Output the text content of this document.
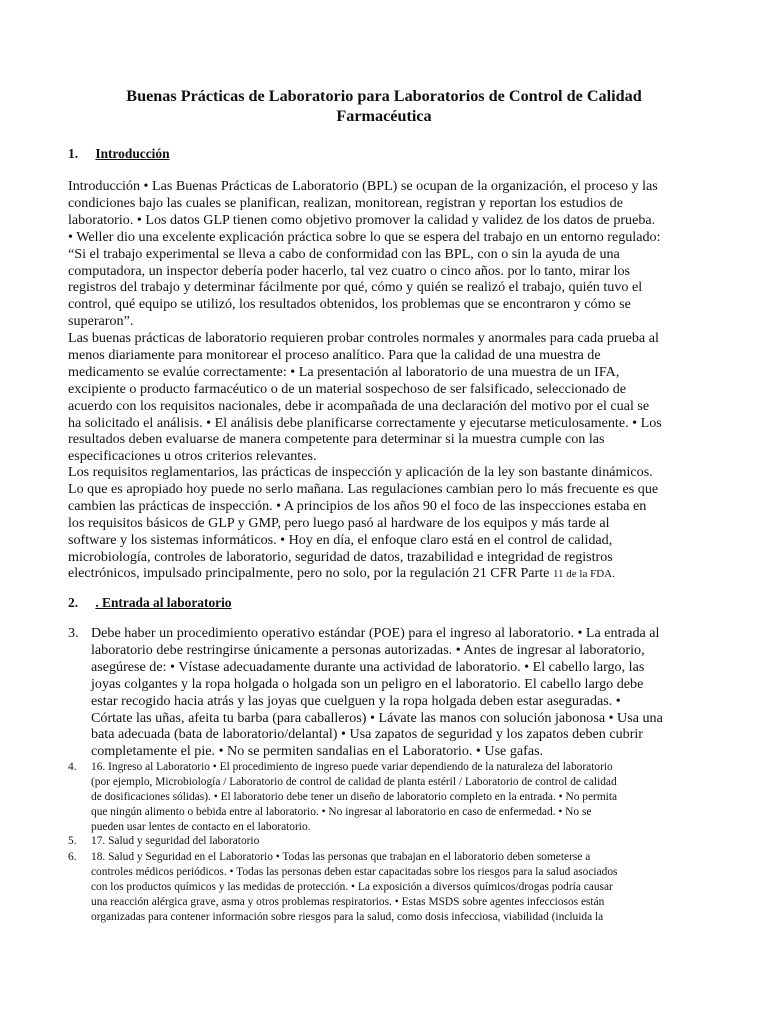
Buenas Prácticas de Laboratorio para Laboratorios de Control de Calidad
Farmacéutica
1. Introducción
Introducción • Las Buenas Prácticas de Laboratorio (BPL) se ocupan de la organización, el proceso y las
condiciones bajo las cuales se planifican, realizan, monitorean, registran y reportan los estudios de
laboratorio. • Los datos GLP tienen como objetivo promover la calidad y validez de los datos de prueba.
• Weller dio una excelente explicación práctica sobre lo que se espera del trabajo en un entorno regulado:
“Si el trabajo experimental se lleva a cabo de conformidad con las BPL, con o sin la ayuda de una
computadora, un inspector debería poder hacerlo, tal vez cuatro o cinco años. por lo tanto, mirar los
registros del trabajo y determinar fácilmente por qué, cómo y quién se realizó el trabajo, quién tuvo el
control, qué equipo se utilizó, los resultados obtenidos, los problemas que se encontraron y cómo se
superaron”.
Las buenas prácticas de laboratorio requieren probar controles normales y anormales para cada prueba al
menos diariamente para monitorear el proceso analítico. Para que la calidad de una muestra de
medicamento se evalúe correctamente: • La presentación al laboratorio de una muestra de un IFA,
excipiente o producto farmacéutico o de un material sospechoso de ser falsificado, seleccionado de
acuerdo con los requisitos nacionales, debe ir acompañada de una declaración del motivo por el cual se
ha solicitado el análisis. • El análisis debe planificarse correctamente y ejecutarse meticulosamente. • Los
resultados deben evaluarse de manera competente para determinar si la muestra cumple con las
especificaciones u otros criterios relevantes.
Los requisitos reglamentarios, las prácticas de inspección y aplicación de la ley son bastante dinámicos.
Lo que es apropiado hoy puede no serlo mañana. Las regulaciones cambian pero lo más frecuente es que
cambien las prácticas de inspección. • A principios de los años 90 el foco de las inspecciones estaba en
los requisitos básicos de GLP y GMP, pero luego pasó al hardware de los equipos y más tarde al
software y los sistemas informáticos. • Hoy en día, el enfoque claro está en el control de calidad,
microbiología, controles de laboratorio, seguridad de datos, trazabilidad e integridad de registros
electrónicos, impulsado principalmente, pero no solo, por la regulación 21 CFR Parte 11 de la FDA.
2. . Entrada al laboratorio
3. Debe haber un procedimiento operativo estándar (POE) para el ingreso al laboratorio. • La entrada al
laboratorio debe restringirse únicamente a personas autorizadas. • Antes de ingresar al laboratorio,
asegúrese de: • Vístase adecuadamente durante una actividad de laboratorio. • El cabello largo, las
joyas colgantes y la ropa holgada o holgada son un peligro en el laboratorio. El cabello largo debe
estar recogido hacia atrás y las joyas que cuelguen y la ropa holgada deben estar aseguradas. •
Córtate las uñas, afeita tu barba (para caballeros) • Lávate las manos con solución jabonosa • Usa una
bata adecuada (bata de laboratorio/delantal) • Usa zapatos de seguridad y los zapatos deben cubrir
completamente el pie. • No se permiten sandalias en el Laboratorio. • Use gafas.
4. 16. Ingreso al Laboratorio • El procedimiento de ingreso puede variar dependiendo de la naturaleza del laboratorio
(por ejemplo, Microbiología / Laboratorio de control de calidad de planta estéril / Laboratorio de control de calidad
de dosificaciones sólidas). • El laboratorio debe tener un diseño de laboratorio completo en la entrada. • No permita
que ningún alimento o bebida entre al laboratorio. • No ingresar al laboratorio en caso de enfermedad. • No se
pueden usar lentes de contacto en el laboratorio.
5. 17. Salud y seguridad del laboratorio
6. 18. Salud y Seguridad en el Laboratorio • Todas las personas que trabajan en el laboratorio deben someterse a
controles médicos periódicos. • Todas las personas deben estar capacitadas sobre los riesgos para la salud asociados
con los productos químicos y las medidas de protección. • La exposición a diversos químicos/drogas podría causar
una reacción alérgica grave, asma y otros problemas respiratorios. • Estas MSDS sobre agentes infecciosos están
organizadas para contener información sobre riesgos para la salud, como dosis infecciosa, viabilidad (incluida la
